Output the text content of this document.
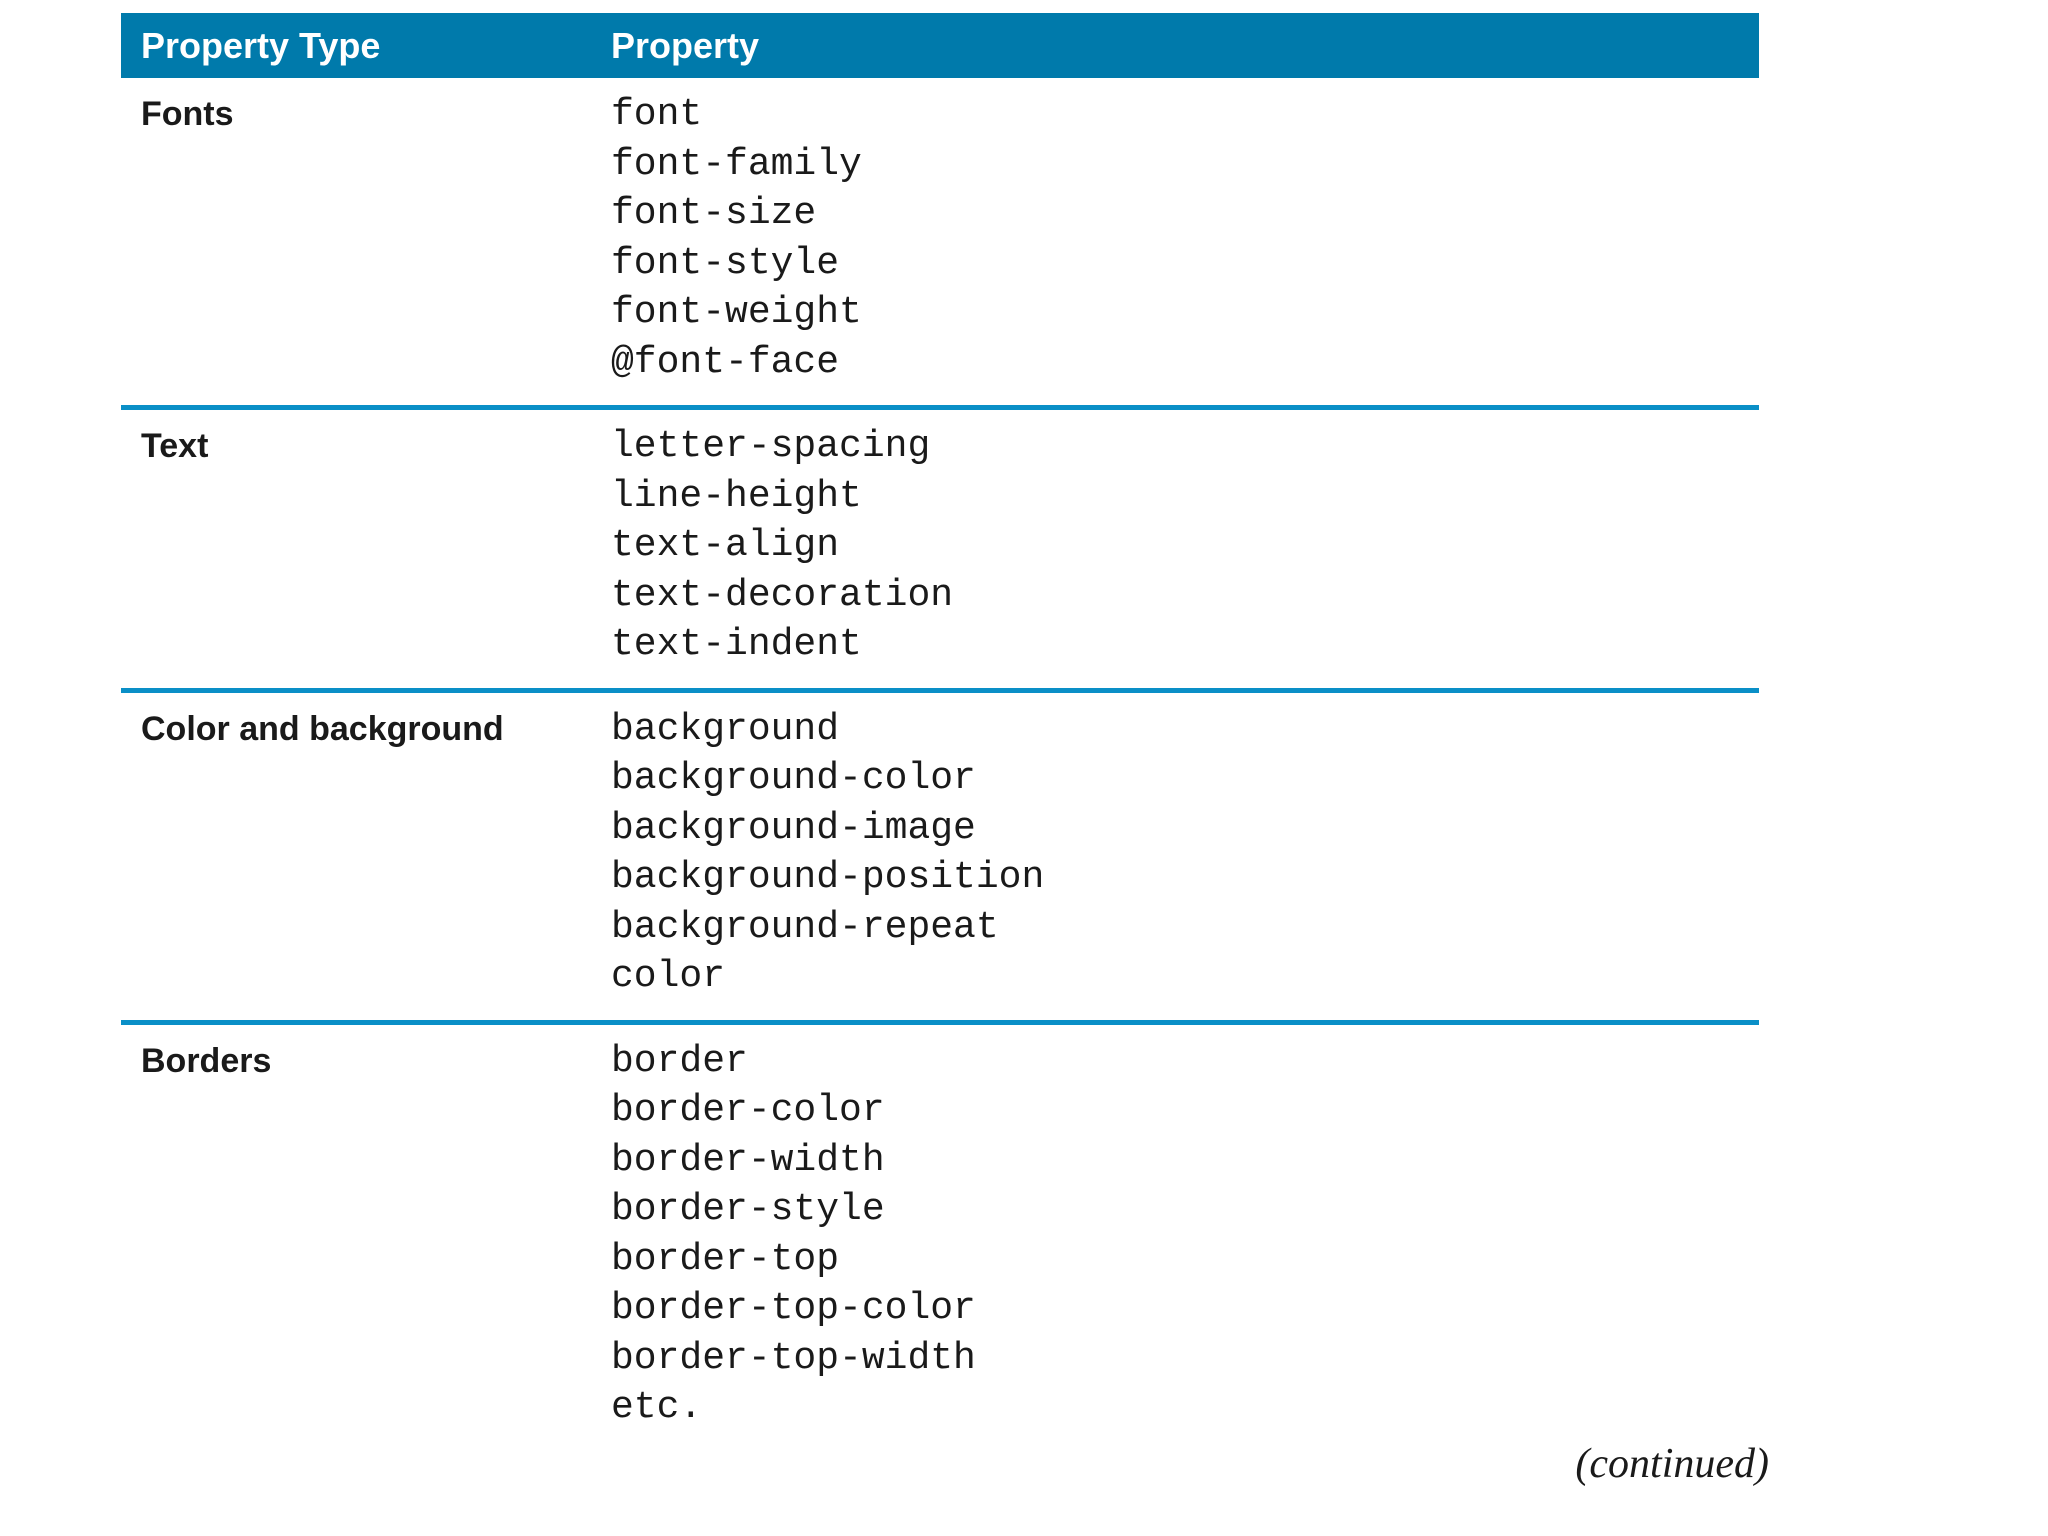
Property Type	Property
Fonts	font
font-family
font-size
font-style
font-weight
@font-face
Text	letter-spacing
line-height
text-align
text-decoration
text-indent
Color and background	background
background-color
background-image
background-position
background-repeat
color
Borders	border
border-color
border-width
border-style
border-top
border-top-color
border-top-width
etc.
(continued)
